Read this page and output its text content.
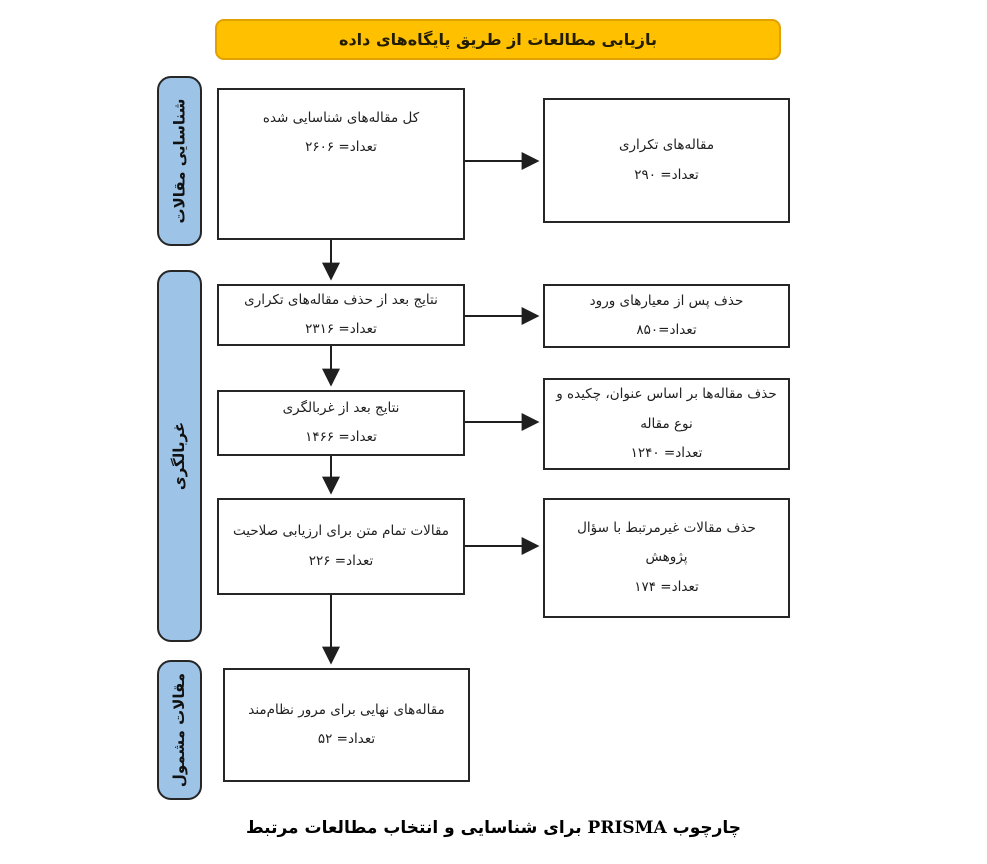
بازیابی مطالعات از طریق پایگاه‌های داده
شناسایی مقالات
غربالگری
مقالات مشمول
کل مقاله‌های شناسایی شده
تعداد= ۲۶۰۶
نتایج بعد از حذف مقاله‌های تکراری
تعداد= ۲۳۱۶
نتایج بعد از غربالگری
تعداد= ۱۴۶۶
مقالات تمام متن برای ارزیابی صلاحیت
تعداد= ۲۲۶
مقاله‌های نهایی برای مرور نظام‌مند
تعداد= ۵۲
مقاله‌های تکراری
تعداد= ۲۹۰
حذف پس از معیارهای ورود
تعداد=۸۵۰
حذف مقاله‌ها بر اساس عنوان، چکیده و نوع مقاله
تعداد= ۱۲۴۰
حذف مقالات غیرمرتبط با سؤال پژوهش
تعداد= ۱۷۴
چارچوب PRISMA برای شناسایی و انتخاب مطالعات مرتبط
